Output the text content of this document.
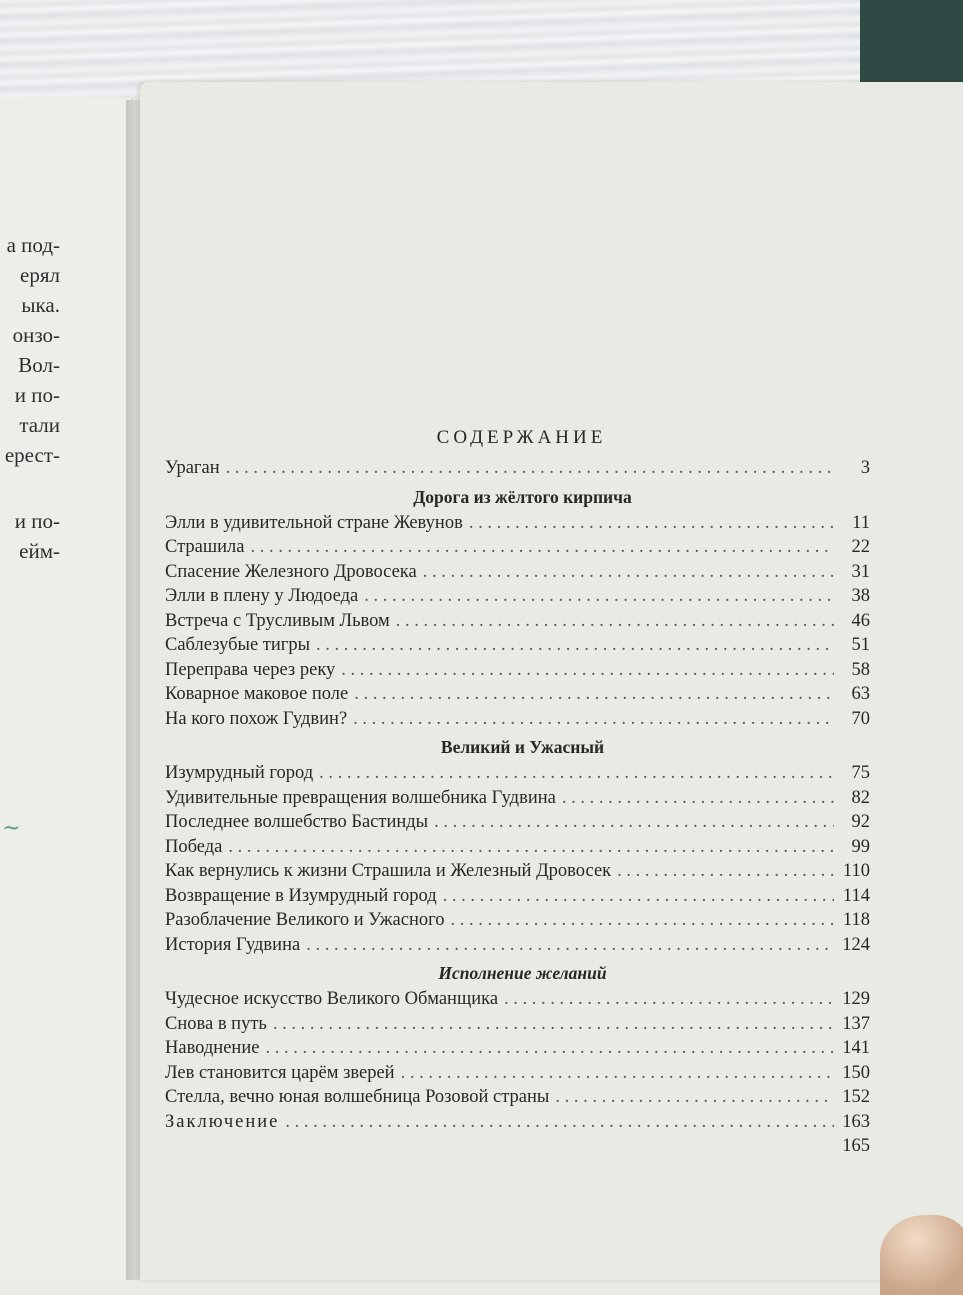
а под-
ерял
ыка.
онзо-
Вол-
и по-
тали
ерест-
и по-
ейм-
~
СОДЕРЖАНИЕ
Ураган . . .	3
Дорога из жёлтого кирпича
Элли в удивительной стране Жевунов . . .	11
Страшила . . .	22
Спасение Железного Дровосека . . .	31
Элли в плену у Людоеда . . .	38
Встреча с Трусливым Львом . . .	46
Саблезубые тигры . . .	51
Переправа через реку . . .	58
Коварное маковое поле . . .	63
На кого похож Гудвин? . . .	70
Великий и Ужасный
Изумрудный город . . .	75
Удивительные превращения волшебника Гудвина . . .	82
Последнее волшебство Бастинды . . .	92
Победа . . .	99
Как вернулись к жизни Страшила и Железный Дровосек . . .	110
Возвращение в Изумрудный город . . .	114
Разоблачение Великого и Ужасного . . .	118
История Гудвина . . .	124
Исполнение желаний
Чудесное искусство Великого Обманщика . . .	129
Снова в путь . . .	137
Наводнение . . .	141
Лев становится царём зверей . . .	150
Стелла, вечно юная волшебница Розовой страны . . .	152
Заключение . . .	163
165
